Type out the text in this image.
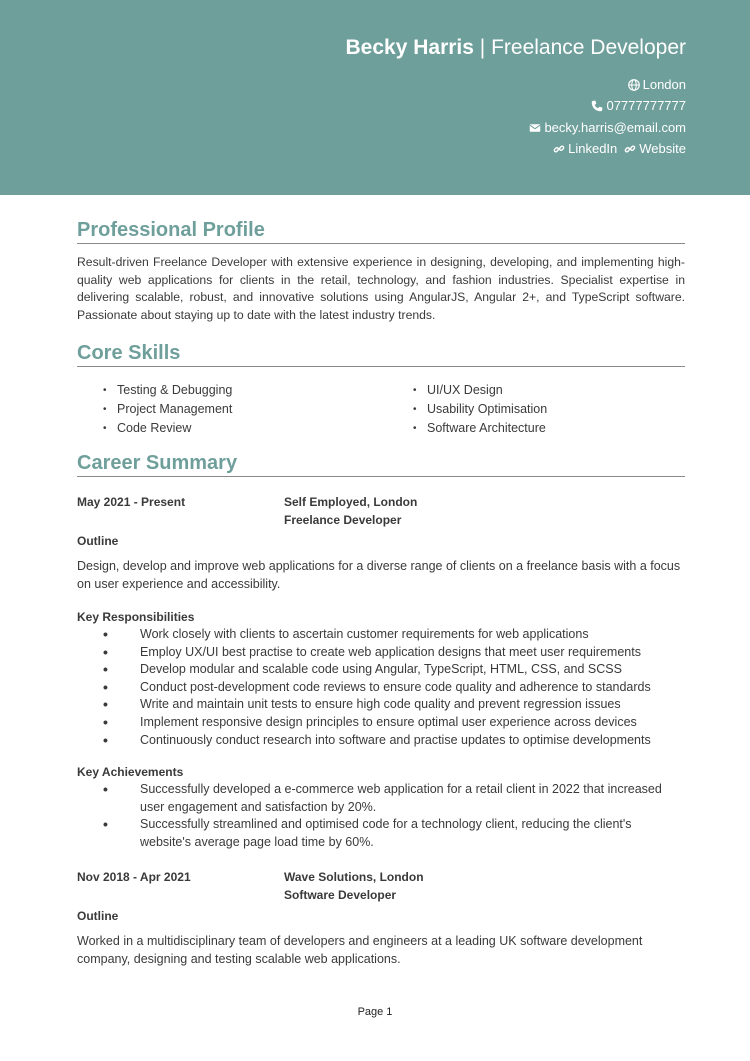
Becky Harris | Freelance Developer
London
07777777777
becky.harris@email.com
LinkedIn Website
Professional Profile

Result-driven Freelance Developer with extensive experience in designing, developing, and implementing high-quality web applications for clients in the retail, technology, and fashion industries. Specialist expertise in delivering scalable, robust, and innovative solutions using AngularJS, Angular 2+, and TypeScript software. Passionate about staying up to date with the latest industry trends.

Core Skills
• Testing & Debugging
• Project Management
• Code Review
• UI/UX Design
• Usability Optimisation
• Software Architecture
Career Summary
May 2021 - Present	Self Employed, London
Freelance Developer
Outline

Design, develop and improve web applications for a diverse range of clients on a freelance basis with a focus on user experience and accessibility.

Key Responsibilities
• Work closely with clients to ascertain customer requirements for web applications
• Employ UX/UI best practise to create web application designs that meet user requirements
• Develop modular and scalable code using Angular, TypeScript, HTML, CSS, and SCSS
• Conduct post-development code reviews to ensure code quality and adherence to standards
• Write and maintain unit tests to ensure high code quality and prevent regression issues
• Implement responsive design principles to ensure optimal user experience across devices
• Continuously conduct research into software and practise updates to optimise developments
Key Achievements
• Successfully developed a e-commerce web application for a retail client in 2022 that increased user engagement and satisfaction by 20%.
• Successfully streamlined and optimised code for a technology client, reducing the client's website's average page load time by 60%.
Nov 2018 - Apr 2021	Wave Solutions, London
Software Developer
Outline

Worked in a multidisciplinary team of developers and engineers at a leading UK software development company, designing and testing scalable web applications.

Page 1
